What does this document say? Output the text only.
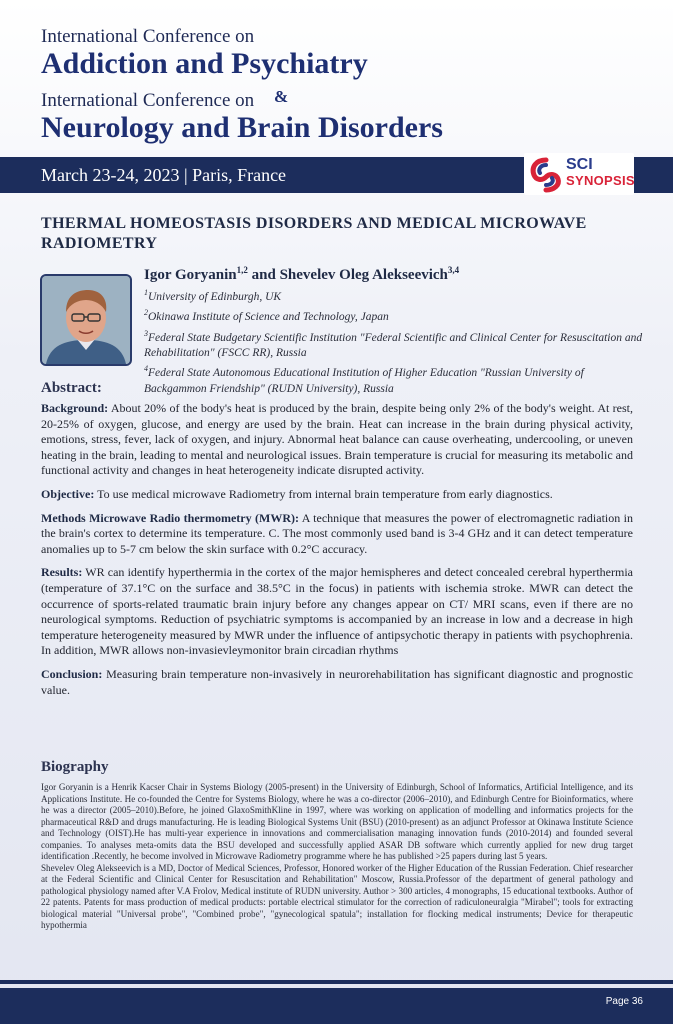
International Conference on
Addiction and Psychiatry
International Conference on
Neurology and Brain Disorders
&
March 23-24, 2023 | Paris, France
SCI
SYNOPSIS
THERMAL HOMEOSTASIS DISORDERS AND MEDICAL MICROWAVE RADIOMETRY
Igor Goryanin$^{1,2}$ and Shevelev Oleg Alekseevich$^{3,4}$
$^1$University of Edinburgh, UK
$^2$Okinawa Institute of Science and Technology, Japan
$^3$Federal State Budgetary Scientific Institution "Federal Scientific and Clinical Center for Resuscitation and Rehabilitation" (FSCC RR), Russia
$^4$Federal State Autonomous Educational Institution of Higher Education "Russian University of Backgammon Friendship" (RUDN University), Russia
Abstract:

Background: About 20% of the body's heat is produced by the brain, despite being only 2% of the body's weight. At rest, 20-25% of oxygen, glucose, and energy are used by the brain. Heat can increase in the brain during physical activity, emotions, stress, fever, lack of oxygen, and injury. Abnormal heat balance can cause overheating, undercooling, or uneven heating in the brain, leading to mental and neurological issues. Brain temperature is crucial for measuring its metabolic and functional activity and changes in heat heterogeneity indicate disrupted activity.

Objective: To use medical microwave Radiometry from internal brain temperature from early diagnostics.

Methods Microwave Radio thermometry (MWR): A technique that measures the power of electromagnetic radiation in the brain's cortex to determine its temperature. C. The most commonly used band is 3-4 GHz and it can detect temperature anomalies up to 5-7 cm below the skin surface with 0.2°C accuracy.

Results: WR can identify hyperthermia in the cortex of the major hemispheres and detect concealed cerebral hyperthermia (temperature of 37.1°C on the surface and 38.5°C in the focus) in patients with ischemia stroke. MWR can detect the occurrence of sports-related traumatic brain injury before any changes appear on CT/ MRI scans, even if there are no neurological symptoms. Reduction of psychiatric symptoms is accompanied by an increase in low and a decrease in high temperature heterogeneity measured by MWR under the influence of antipsychotic therapy in patients with psychophrenia. In addition, MWR allows non-invasievleymonitor brain circadian rhythms

Conclusion: Measuring brain temperature non-invasively in neurorehabilitation has significant diagnostic and prognostic value.

Biography

Igor Goryanin is a Henrik Kacser Chair in Systems Biology (2005-present) in the University of Edinburgh, School of Informatics, Artificial Intelligence, and its Applications Institute. He co-founded the Centre for Systems Biology, where he was a co-director (2006–2010), and Edinburgh Centre for Bioinformatics, where he was a director (2005–2010).Before, he joined GlaxoSmithKline in 1997, where was working on application of modelling and informatics projects for the pharmaceutical R&D and drugs manufacturing. He is leading Biological Systems Unit (BSU) (2010-present) as an adjunct Professor at Okinawa Institute Science and Technology (OIST).He has multi-year experience in innovations and commercialisation managing innovation funds (2010-2014) and founded several companies. To analyses meta-omits data the BSU developed and successfully applied ASAR DB software which currently applied for new drug target identification .Recently, he become involved in Microwave Radiometry programme where he has published >25 papers during last 5 years.

Shevelev Oleg Alekseevich is a MD, Doctor of Medical Sciences, Professor, Honored worker of the Higher Education of the Russian Federation. Chief researcher at the Federal Scientific and Clinical Center for Resuscitation and Rehabilitation" Moscow, Russia.Professor of the department of general pathology and pathological physiology named after V.A Frolov, Medical institute of RUDN university. Author > 300 articles, 4 monographs, 15 educational textbooks. Author of 22 patents. Patents for mass production of medical products: portable electrical stimulator for the correction of radiculoneuralgia "Mirabel"; tools for extracting biological material "Universal probe", "Combined probe", "gynecological spatula"; installation for flocking medical instruments; Device for therapeutic hypothermia

Page 36
